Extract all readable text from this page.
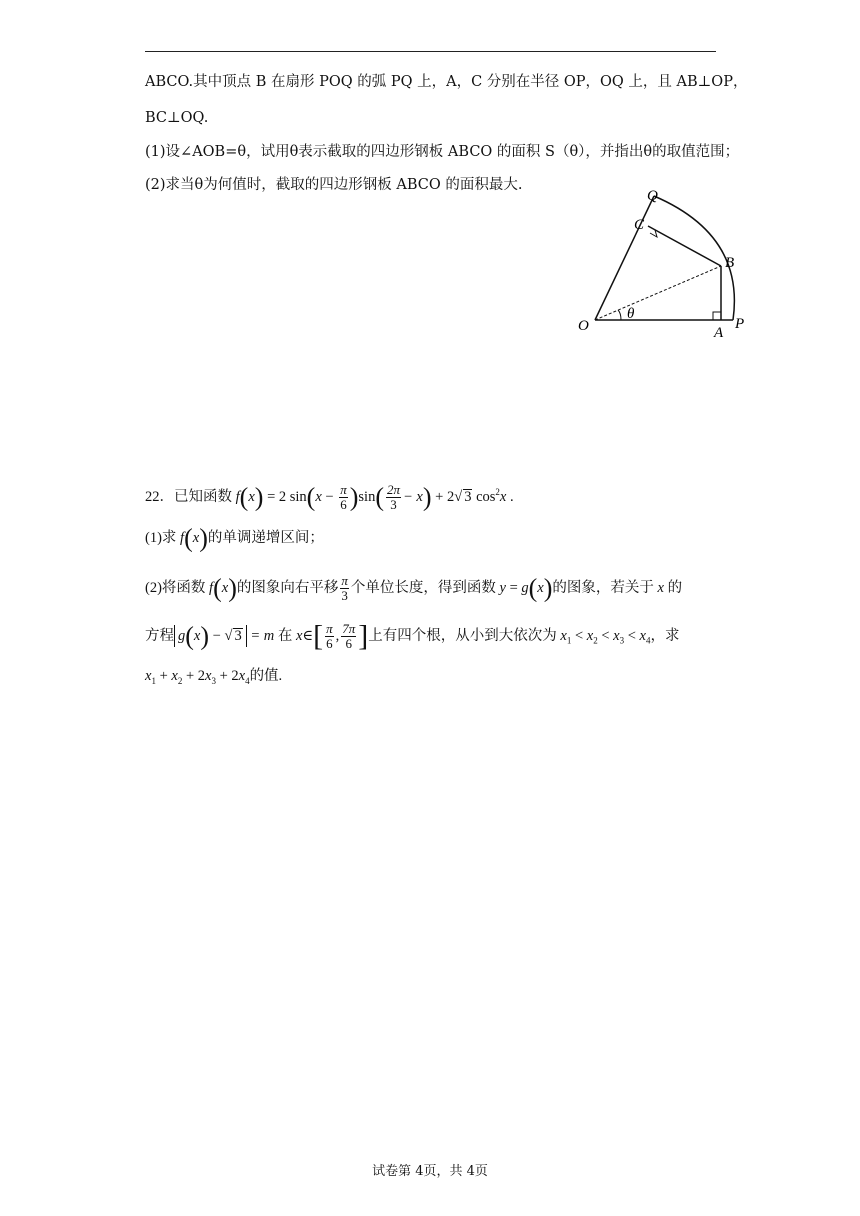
ABCO.其中顶点 B 在扇形 POQ 的弧 PQ 上，A，C 分别在半径 OP，OQ 上，且 AB⊥OP，
BC⊥OQ.
(1)设∠AOB=θ，试用θ表示截取的四边形钢板 ABCO 的面积 S（θ），并指出θ的取值范围；
(2)求当θ为何值时，截取的四边形钢板 ABCO 的面积最大.
Q
C
B
O
θ
A
P
22．已知函数 f(x) = 2 $\sin(x - \frac{\pi}{6} )\sin( \frac{2\pi}{3} - x) + 2√$ 3 $\cos^2x$ .
(1)求 f(x)的单调递增区间；
(2)将函数 f(x)的图象向右平移 $\frac{\pi}{3}$ 个单位长度，得到函数 y = g(x)的图象，若关于 x 的
方程 g(x) − √ 3 = m 在 x∈[ $\frac{\pi}{6}$ , $\frac{7\pi}{6}$ ]上有四个根，从小到大依次为 $x_1 < x_2 < x_3 < x_4$，求
$x_1 + x_2 + 2x_3 + 2x_4$的值.
试卷第 4页，共 4页
